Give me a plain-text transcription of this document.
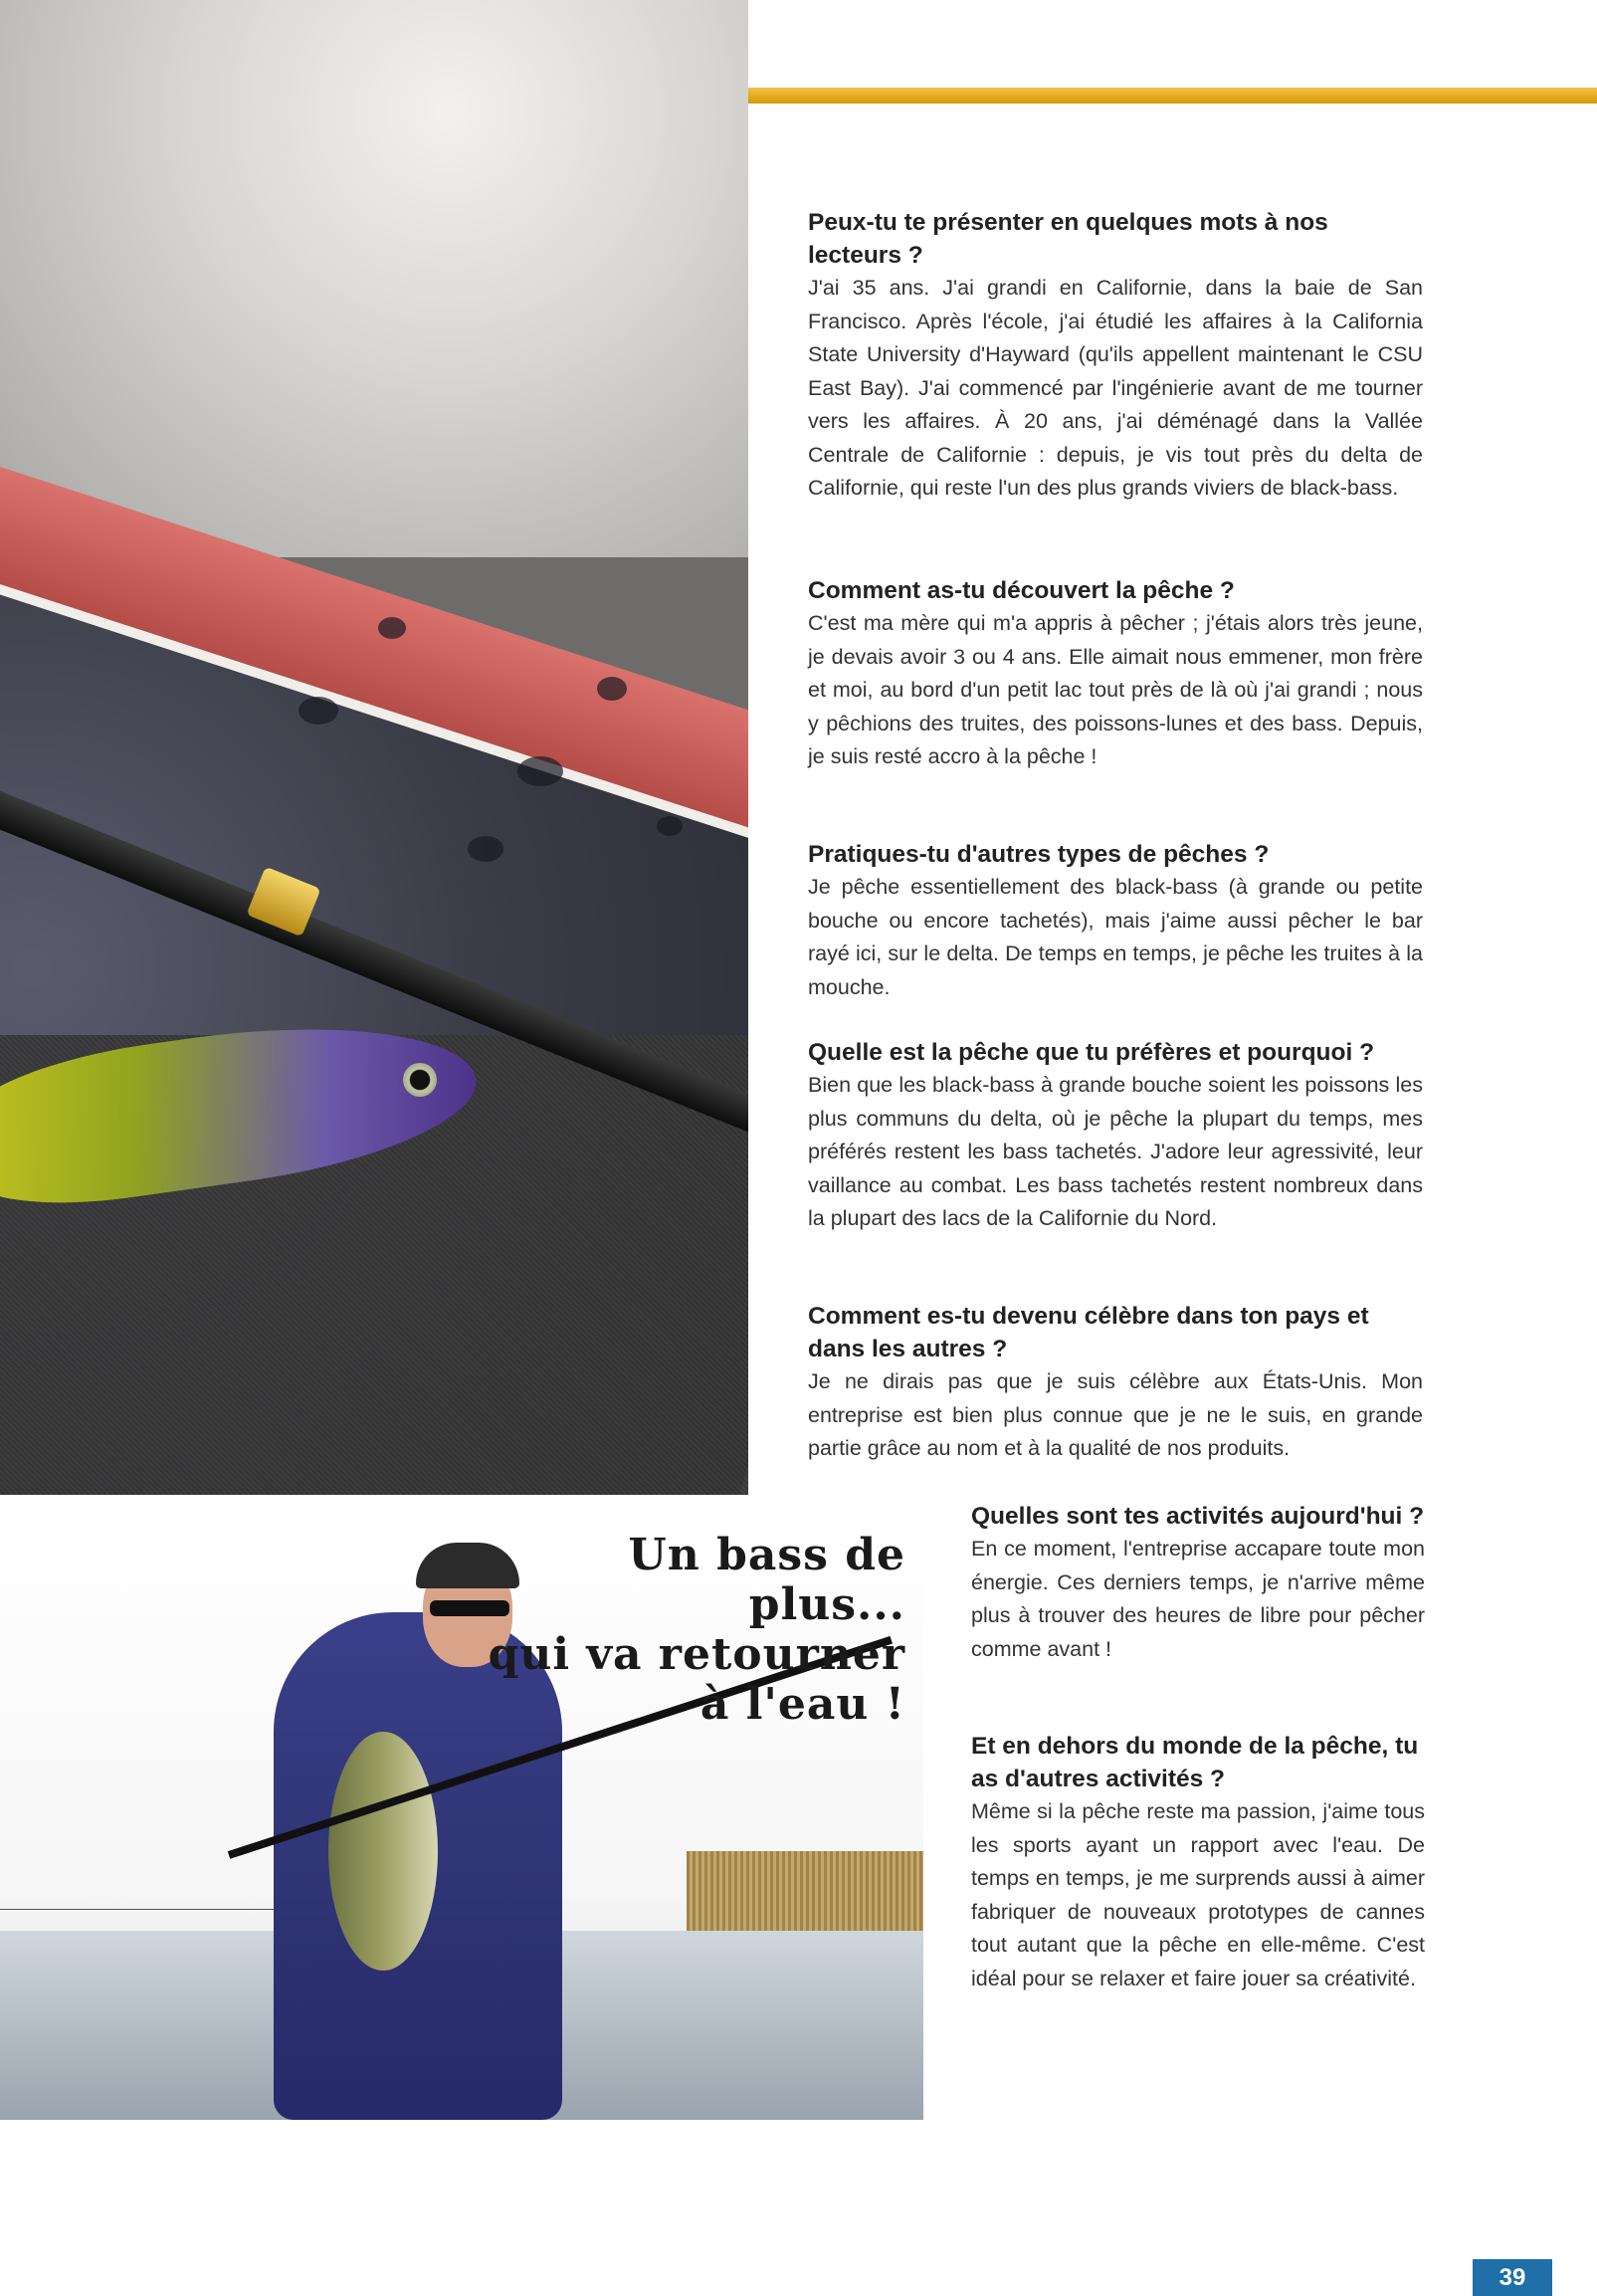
Un bass de plus...
qui va retourner
à l'eau !
Peux-tu te présenter en quelques mots à nos lecteurs ?

J'ai 35 ans. J'ai grandi en Californie, dans la baie de San Francisco. Après l'école, j'ai étudié les affaires à la California State University d'Hayward (qu'ils appellent maintenant le CSU East Bay). J'ai commencé par l'ingénierie avant de me tourner vers les affaires. À 20 ans, j'ai déménagé dans la Vallée Centrale de Californie : depuis, je vis tout près du delta de Californie, qui reste l'un des plus grands viviers de black-bass.

Comment as-tu découvert la pêche ?

C'est ma mère qui m'a appris à pêcher ; j'étais alors très jeune, je devais avoir 3 ou 4 ans. Elle aimait nous emmener, mon frère et moi, au bord d'un petit lac tout près de là où j'ai grandi ; nous y pêchions des truites, des poissons-lunes et des bass. Depuis, je suis resté accro à la pêche !

Pratiques-tu d'autres types de pêches ?

Je pêche essentiellement des black-bass (à grande ou petite bouche ou encore tachetés), mais j'aime aussi pêcher le bar rayé ici, sur le delta. De temps en temps, je pêche les truites à la mouche.

Quelle est la pêche que tu préfères et pourquoi ?

Bien que les black-bass à grande bouche soient les poissons les plus communs du delta, où je pêche la plupart du temps, mes préférés restent les bass tachetés. J'adore leur agressivité, leur vaillance au combat. Les bass tachetés restent nombreux dans la plupart des lacs de la Californie du Nord.

Comment es-tu devenu célèbre dans ton pays et dans les autres ?

Je ne dirais pas que je suis célèbre aux États-Unis. Mon entreprise est bien plus connue que je ne le suis, en grande partie grâce au nom et à la qualité de nos produits.

Quelles sont tes activités aujourd'hui ?

En ce moment, l'entreprise accapare toute mon énergie. Ces derniers temps, je n'arrive même plus à trouver des heures de libre pour pêcher comme avant !

Et en dehors du monde de la pêche, tu as d'autres activités ?

Même si la pêche reste ma passion, j'aime tous les sports ayant un rapport avec l'eau. De temps en temps, je me surprends aussi à aimer fabriquer de nouveaux prototypes de cannes tout autant que la pêche en elle-même. C'est idéal pour se relaxer et faire jouer sa créativité.

39
